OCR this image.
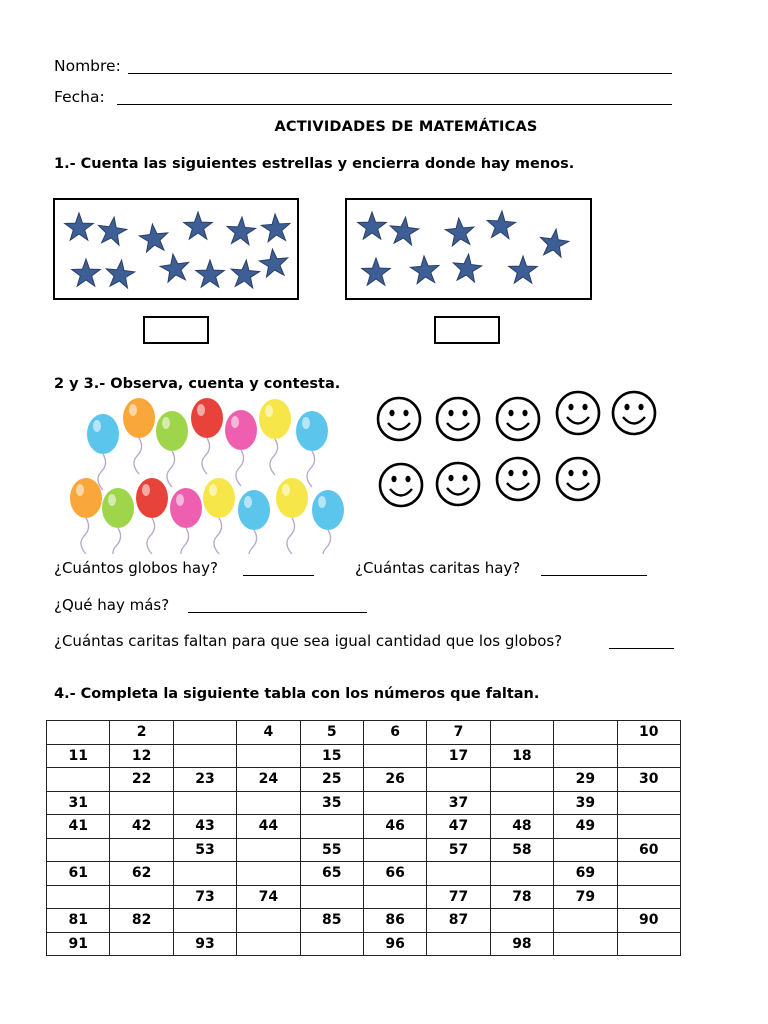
Nombre:
Fecha:
ACTIVIDADES DE MATEMÁTICAS
1.- Cuenta las siguientes estrellas y encierra donde hay menos.
2 y 3.- Observa, cuenta y contesta.
¿Cuántos globos hay?	¿Cuántas caritas hay?
¿Qué hay más?
¿Cuántas caritas faltan para que sea igual cantidad que los globos?
4.- Completa la siguiente tabla con los números que faltan.
	2		4	5	6	7			10
11	12			15		17	18		
	22	23	24	25	26			29	30
31				35		37		39	
41	42	43	44		46	47	48	49	
		53		55		57	58		60
61	62			65	66			69	
		73	74			77	78	79	
81	82			85	86	87			90
91		93			96		98		
